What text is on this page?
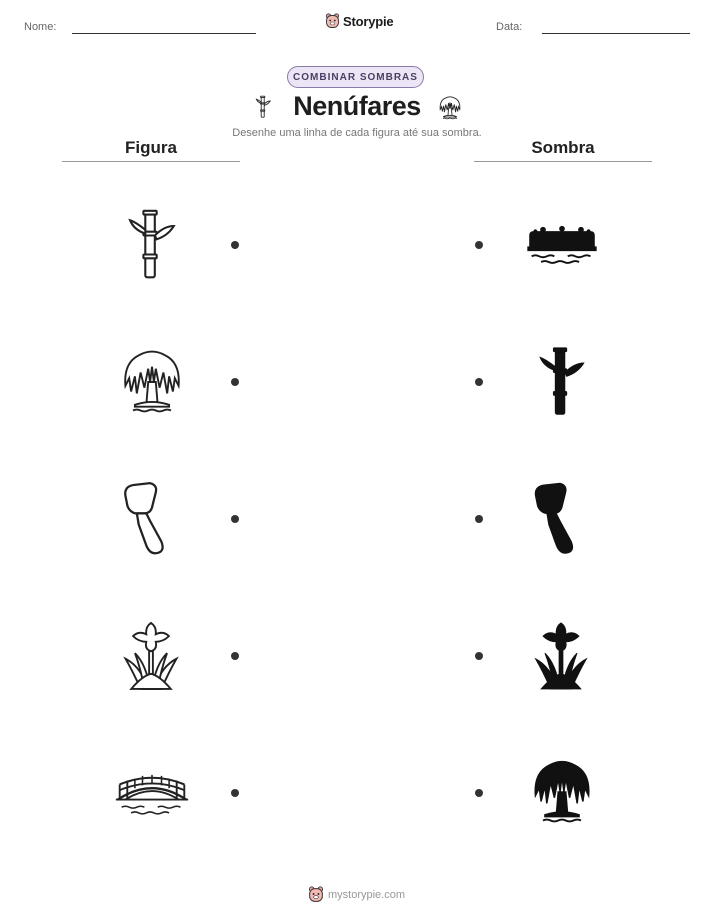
Nome:	Storypie	Data:
COMBINAR SOMBRAS
Nenúfares
Desenhe uma linha de cada figura até sua sombra.
Figura	Sombra
mystorypie.com
